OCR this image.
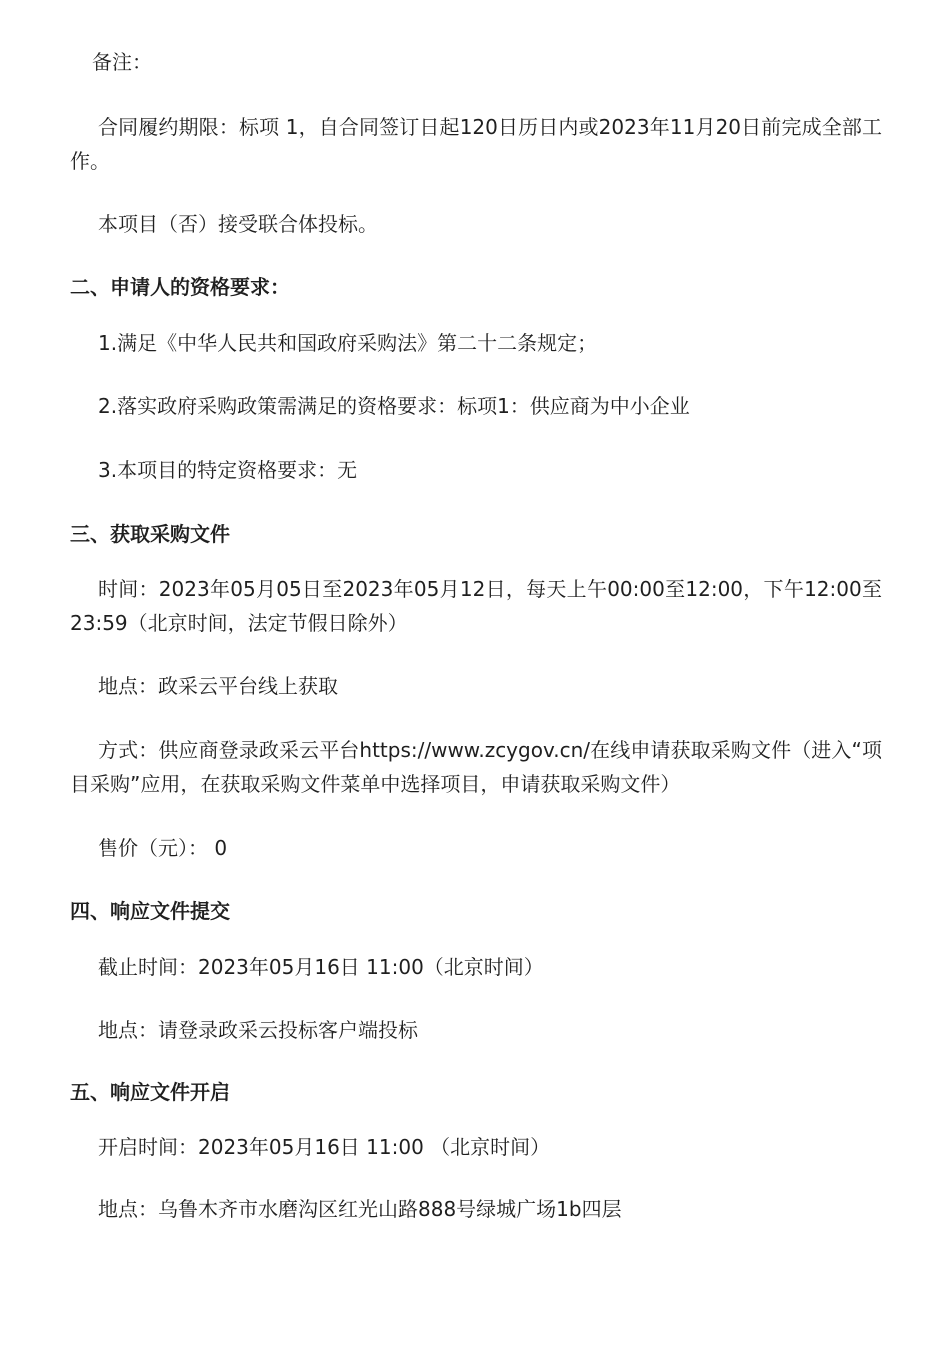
备注：
合同履约期限：标项 1，自合同签订日起120日历日内或2023年11月20日前完成全部工作。
本项目（否）接受联合体投标。
二、申请人的资格要求：
1.满足《中华人民共和国政府采购法》第二十二条规定；
2.落实政府采购政策需满足的资格要求：标项1：供应商为中小企业
3.本项目的特定资格要求：无
三、获取采购文件
时间：2023年05月05日至2023年05月12日，每天上午00:00至12:00，下午12:00至23:59（北京时间，法定节假日除外）
地点：政采云平台线上获取
方式：供应商登录政采云平台https://www.zcygov.cn/在线申请获取采购文件（进入“项目采购”应用，在获取采购文件菜单中选择项目，申请获取采购文件）
售价（元）： 0
四、响应文件提交
截止时间：2023年05月16日 11:00（北京时间）
地点：请登录政采云投标客户端投标
五、响应文件开启
开启时间：2023年05月16日 11:00 （北京时间）
地点：乌鲁木齐市水磨沟区红光山路888号绿城广场1b四层
